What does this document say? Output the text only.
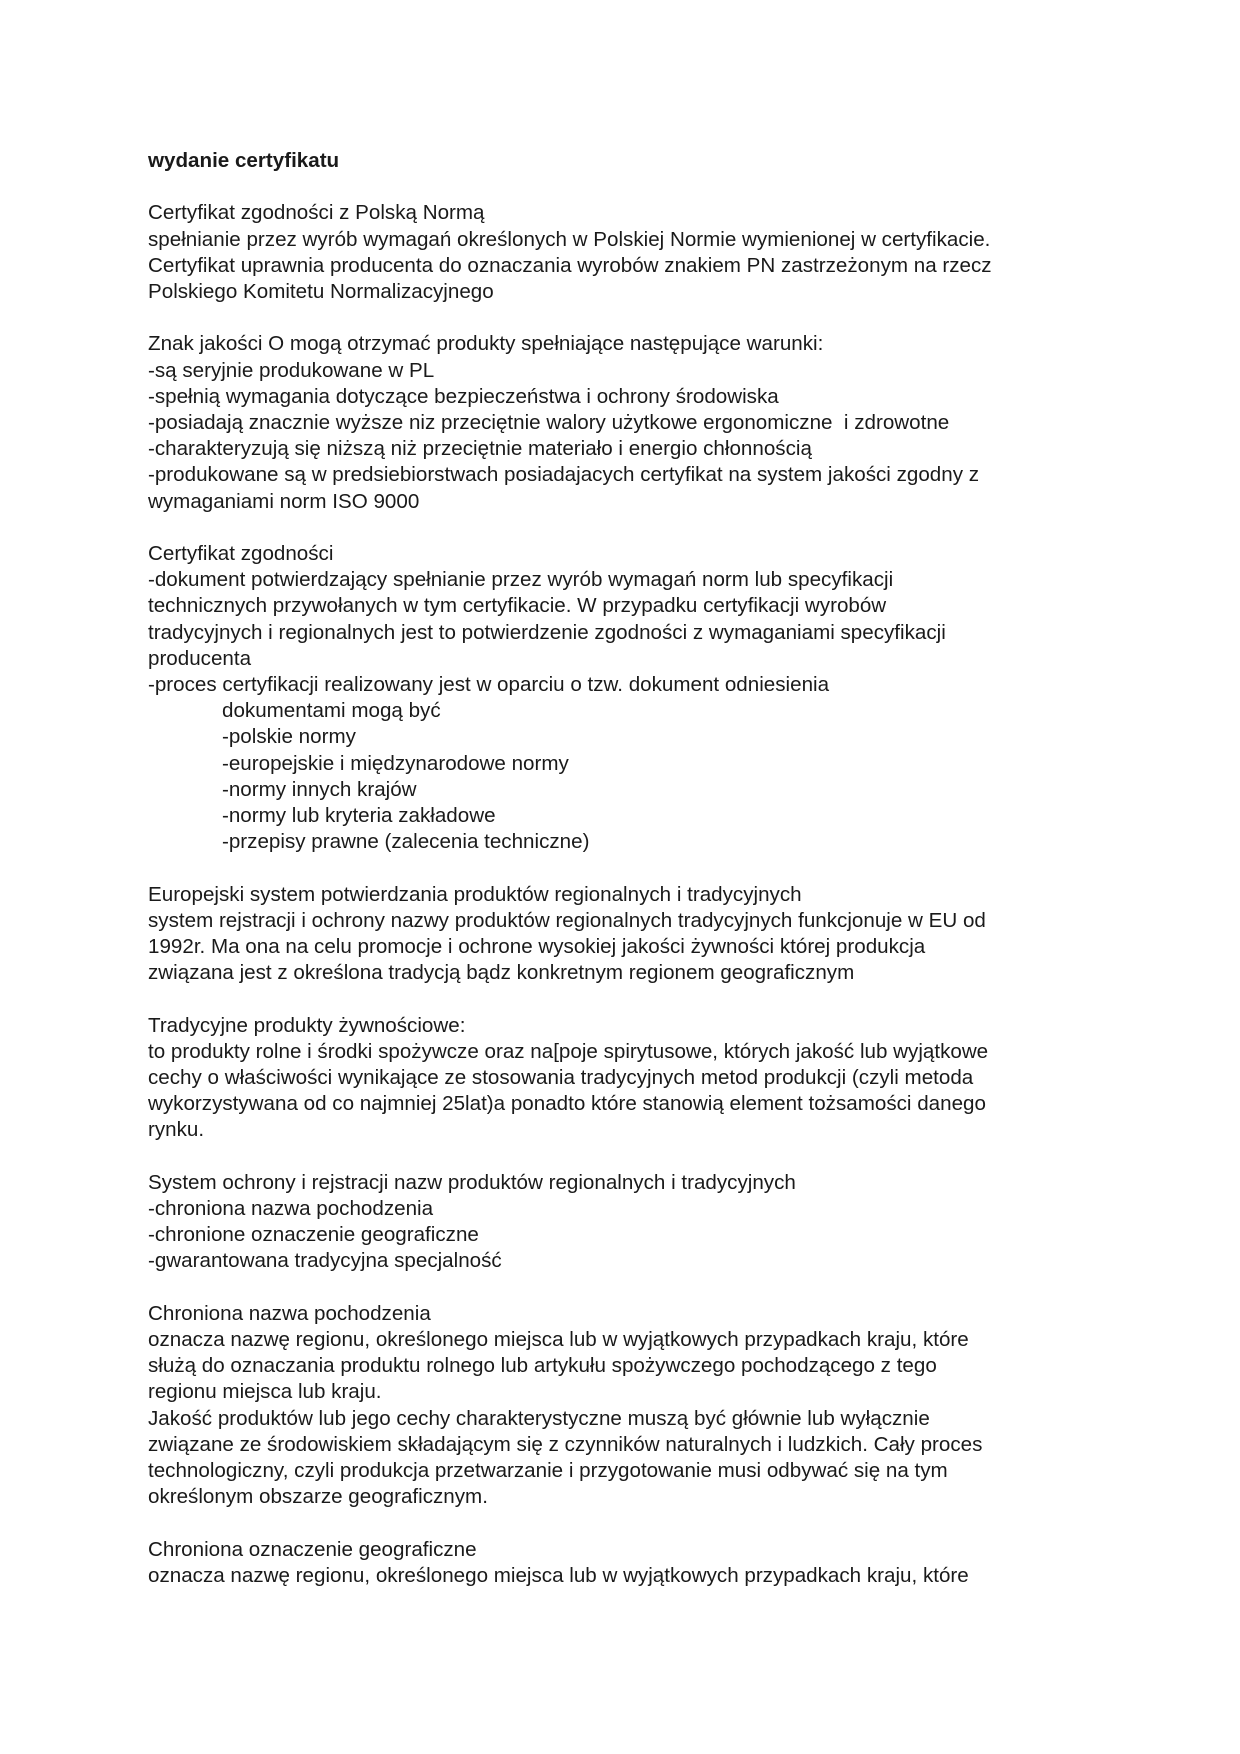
wydanie certyfikatu

Certyfikat zgodności z Polską Normą

spełnianie przez wyrób wymagań określonych w Polskiej Normie wymienionej w certyfikacie.

Certyfikat uprawnia producenta do oznaczania wyrobów znakiem PN zastrzeżonym na rzecz

Polskiego Komitetu Normalizacyjnego

Znak jakości O mogą otrzymać produkty spełniające następujące warunki:

-są seryjnie produkowane w PL

-spełnią wymagania dotyczące bezpieczeństwa i ochrony środowiska

-posiadają znacznie wyższe niz przeciętnie walory użytkowe ergonomiczne  i zdrowotne

-charakteryzują się niższą niż przeciętnie materiało i energio chłonnością

-produkowane są w predsiebiorstwach posiadajacych certyfikat na system jakości zgodny z

wymaganiami norm ISO 9000

Certyfikat zgodności

-dokument potwierdzający spełnianie przez wyrób wymagań norm lub specyfikacji

technicznych przywołanych w tym certyfikacie. W przypadku certyfikacji wyrobów

tradycyjnych i regionalnych jest to potwierdzenie zgodności z wymaganiami specyfikacji

producenta

-proces certyfikacji realizowany jest w oparciu o tzw. dokument odniesienia

dokumentami mogą być

-polskie normy

-europejskie i międzynarodowe normy

-normy innych krajów

-normy lub kryteria zakładowe

-przepisy prawne (zalecenia techniczne)

Europejski system potwierdzania produktów regionalnych i tradycyjnych

system rejstracji i ochrony nazwy produktów regionalnych tradycyjnych funkcjonuje w EU od

1992r. Ma ona na celu promocje i ochrone wysokiej jakości żywności której produkcja

związana jest z określona tradycją bądz konkretnym regionem geograficznym

Tradycyjne produkty żywnościowe:

to produkty rolne i środki spożywcze oraz na[poje spirytusowe, których jakość lub wyjątkowe

cechy o właściwości wynikające ze stosowania tradycyjnych metod produkcji (czyli metoda

wykorzystywana od co najmniej 25lat)a ponadto które stanowią element tożsamości danego

rynku.

System ochrony i rejstracji nazw produktów regionalnych i tradycyjnych

-chroniona nazwa pochodzenia

-chronione oznaczenie geograficzne

-gwarantowana tradycyjna specjalność

Chroniona nazwa pochodzenia

oznacza nazwę regionu, określonego miejsca lub w wyjątkowych przypadkach kraju, które

służą do oznaczania produktu rolnego lub artykułu spożywczego pochodzącego z tego

regionu miejsca lub kraju.

Jakość produktów lub jego cechy charakterystyczne muszą być głównie lub wyłącznie

związane ze środowiskiem składającym się z czynników naturalnych i ludzkich. Cały proces

technologiczny, czyli produkcja przetwarzanie i przygotowanie musi odbywać się na tym

określonym obszarze geograficznym.

Chroniona oznaczenie geograficzne

oznacza nazwę regionu, określonego miejsca lub w wyjątkowych przypadkach kraju, które
